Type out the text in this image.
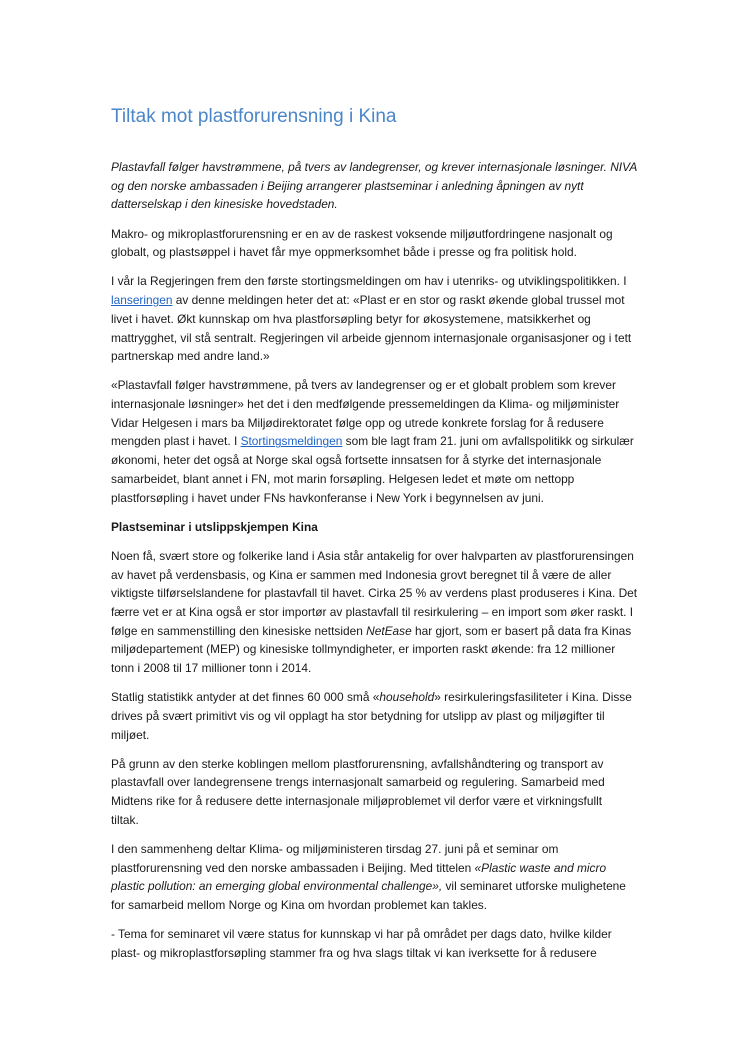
Tiltak mot plastforurensning i Kina
Plastavfall følger havstrømmene, på tvers av landegrenser, og krever internasjonale løsninger. NIVA
og den norske ambassaden i Beijing arrangerer plastseminar i anledning åpningen av nytt
datterselskap i den kinesiske hovedstaden.
Makro- og mikroplastforurensning er en av de raskest voksende miljøutfordringene nasjonalt og
globalt, og plastsøppel i havet får mye oppmerksomhet både i presse og fra politisk hold.
I vår la Regjeringen frem den første stortingsmeldingen om hav i utenriks- og utviklingspolitikken. I
lanseringen av denne meldingen heter det at: «Plast er en stor og raskt økende global trussel mot
livet i havet. Økt kunnskap om hva plastforsøpling betyr for økosystemene, matsikkerhet og
mattrygghet, vil stå sentralt. Regjeringen vil arbeide gjennom internasjonale organisasjoner og i tett
partnerskap med andre land.»
«Plastavfall følger havstrømmene, på tvers av landegrenser og er et globalt problem som krever
internasjonale løsninger» het det i den medfølgende pressemeldingen da Klima- og miljøminister
Vidar Helgesen i mars ba Miljødirektoratet følge opp og utrede konkrete forslag for å redusere
mengden plast i havet. I Stortingsmeldingen som ble lagt fram 21. juni om avfallspolitikk og sirkulær
økonomi, heter det også at Norge skal også fortsette innsatsen for å styrke det internasjonale
samarbeidet, blant annet i FN, mot marin forsøpling. Helgesen ledet et møte om nettopp
plastforsøpling i havet under FNs havkonferanse i New York i begynnelsen av juni.
Plastseminar i utslippskjempen Kina
Noen få, svært store og folkerike land i Asia står antakelig for over halvparten av plastforurensingen
av havet på verdensbasis, og Kina er sammen med Indonesia grovt beregnet til å være de aller
viktigste tilførselslandene for plastavfall til havet. Cirka 25 % av verdens plast produseres i Kina. Det
færre vet er at Kina også er stor importør av plastavfall til resirkulering – en import som øker raskt. I
følge en sammenstilling den kinesiske nettsiden NetEase har gjort, som er basert på data fra Kinas
miljødepartement (MEP) og kinesiske tollmyndigheter, er importen raskt økende: fra 12 millioner
tonn i 2008 til 17 millioner tonn i 2014.
Statlig statistikk antyder at det finnes 60 000 små «household» resirkuleringsfasiliteter i Kina. Disse
drives på svært primitivt vis og vil opplagt ha stor betydning for utslipp av plast og miljøgifter til
miljøet.
På grunn av den sterke koblingen mellom plastforurensning, avfallshåndtering og transport av
plastavfall over landegrensene trengs internasjonalt samarbeid og regulering. Samarbeid med
Midtens rike for å redusere dette internasjonale miljøproblemet vil derfor være et virkningsfullt
tiltak.
I den sammenheng deltar Klima- og miljøministeren tirsdag 27. juni på et seminar om
plastforurensning ved den norske ambassaden i Beijing. Med tittelen «Plastic waste and micro
plastic pollution: an emerging global environmental challenge», vil seminaret utforske mulighetene
for samarbeid mellom Norge og Kina om hvordan problemet kan takles.
- Tema for seminaret vil være status for kunnskap vi har på området per dags dato, hvilke kilder
plast- og mikroplastforsøpling stammer fra og hva slags tiltak vi kan iverksette for å redusere
